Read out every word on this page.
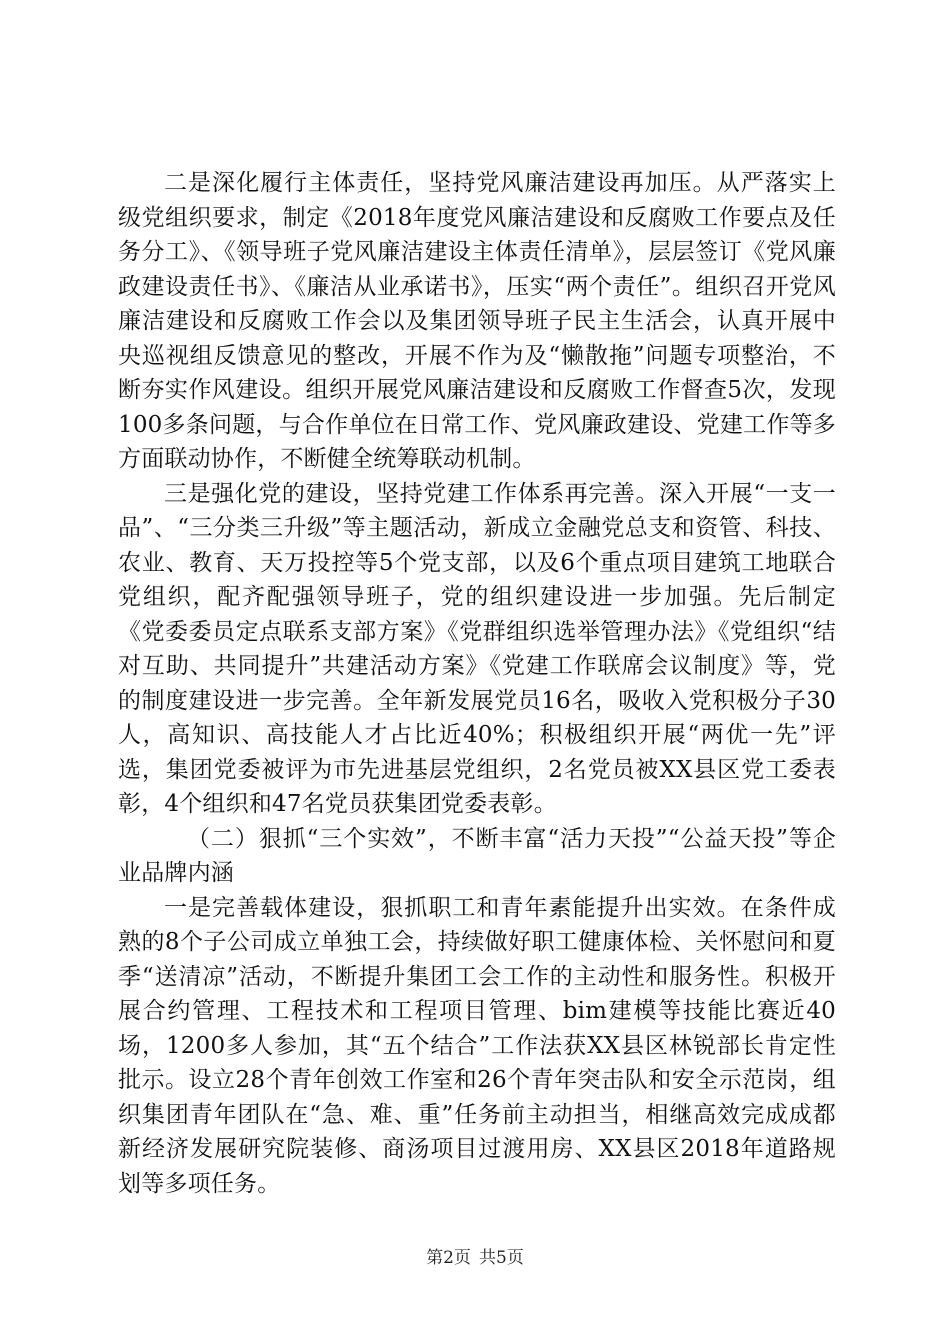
二是深化履行主体责任，坚持党风廉洁建设再加压。从严落实上级党组织要求，制定《2018年度党风廉洁建设和反腐败工作要点及任务分工》、《领导班子党风廉洁建设主体责任清单》，层层签订《党风廉政建设责任书》、《廉洁从业承诺书》，压实“两个责任”。组织召开党风廉洁建设和反腐败工作会以及集团领导班子民主生活会，认真开展中央巡视组反馈意见的整改，开展不作为及“懒散拖”问题专项整治，不断夯实作风建设。组织开展党风廉洁建设和反腐败工作督查5次，发现100多条问题，与合作单位在日常工作、党风廉政建设、党建工作等多方面联动协作，不断健全统筹联动机制。

三是强化党的建设，坚持党建工作体系再完善。深入开展“一支一品”、“三分类三升级”等主题活动，新成立金融党总支和资管、科技、农业、教育、天万投控等5个党支部，以及6个重点项目建筑工地联合党组织，配齐配强领导班子，党的组织建设进一步加强。先后制定《党委委员定点联系支部方案》《党群组织选举管理办法》《党组织“结对互助、共同提升”共建活动方案》《党建工作联席会议制度》等，党的制度建设进一步完善。全年新发展党员16名，吸收入党积极分子30人，高知识、高技能人才占比近40%；积极组织开展“两优一先”评选，集团党委被评为市先进基层党组织，2名党员被XX县区党工委表彰，4个组织和47名党员获集团党委表彰。

（二）狠抓“三个实效”，不断丰富“活力天投”“公益天投”等企业品牌内涵

一是完善载体建设，狠抓职工和青年素能提升出实效。在条件成熟的8个子公司成立单独工会，持续做好职工健康体检、关怀慰问和夏季“送清凉”活动，不断提升集团工会工作的主动性和服务性。积极开展合约管理、工程技术和工程项目管理、bim建模等技能比赛近40场，1200多人参加，其“五个结合”工作法获XX县区林锐部长肯定性批示。设立28个青年创效工作室和26个青年突击队和安全示范岗，组织集团青年团队在“急、难、重”任务前主动担当，相继高效完成成都新经济发展研究院装修、商汤项目过渡用房、XX县区2018年道路规划等多项任务。

第2页 共5页
